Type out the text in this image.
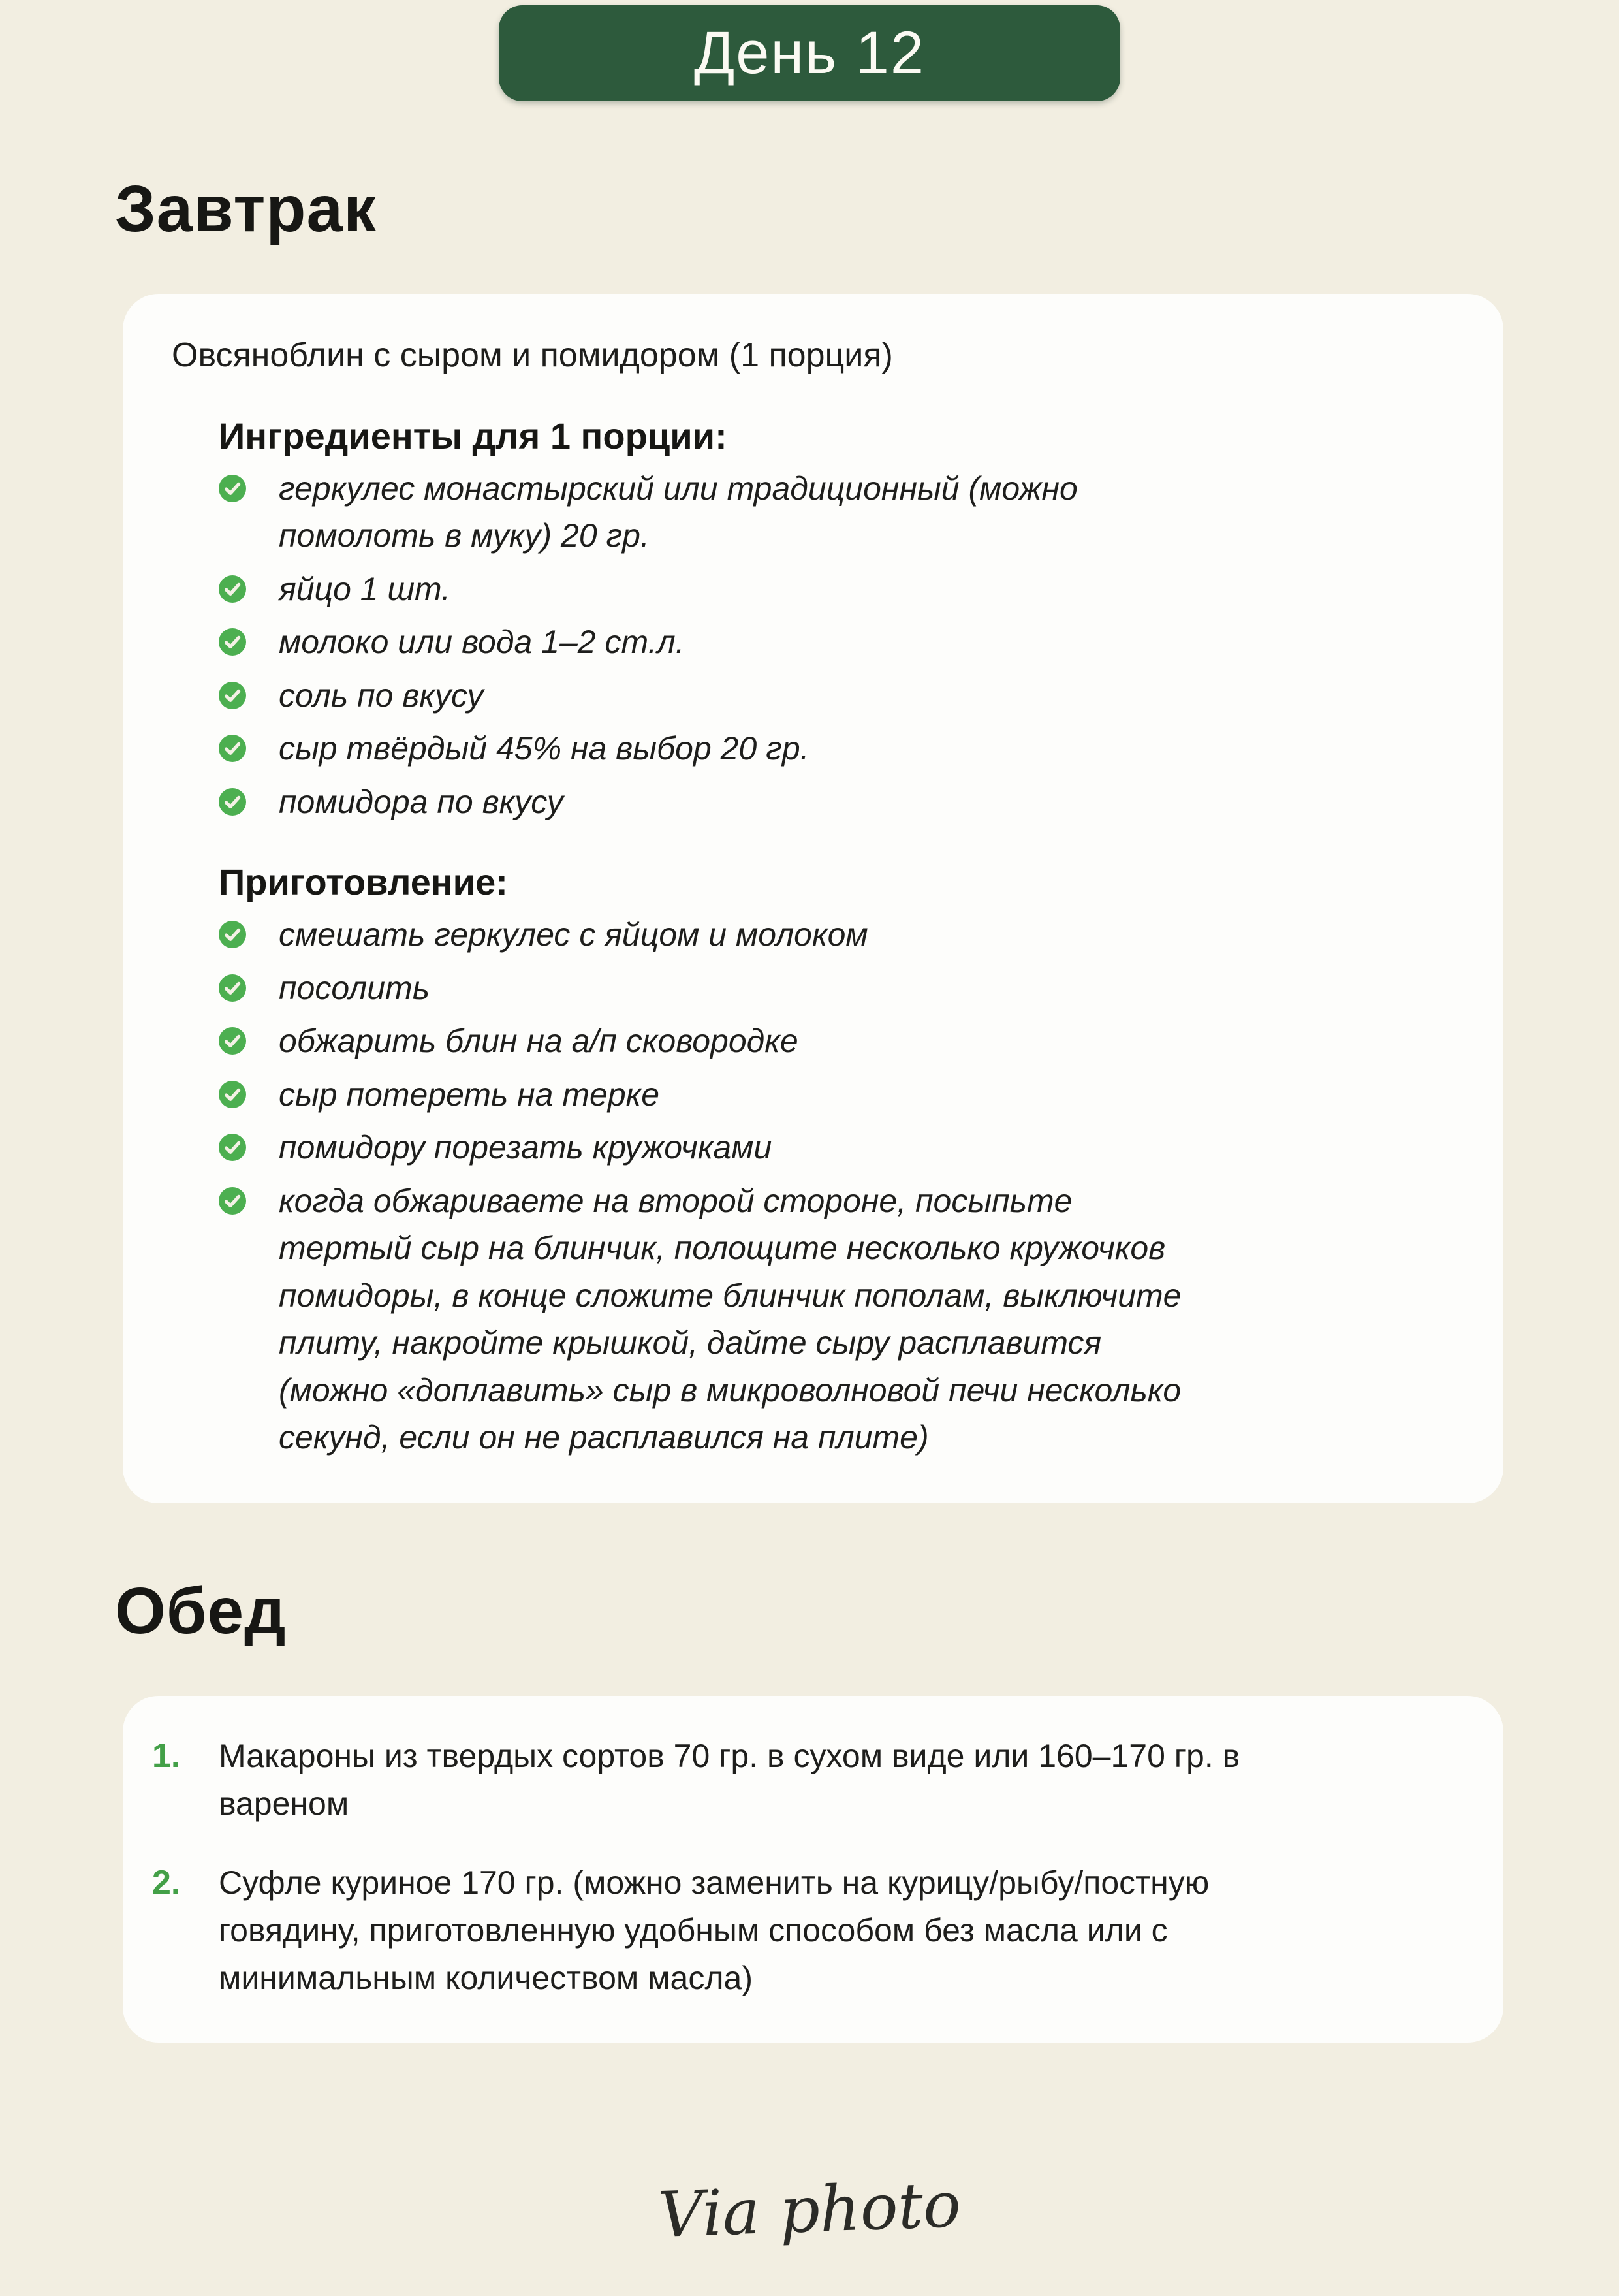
День 12
Завтрак

Овсяноблин с сыром и помидором (1 порция)

Ингредиенты для 1 порции:
геркулес монастырский или традиционный (можно помолоть в муку) 20 гр.
яйцо 1 шт.
молоко или вода 1–2 ст.л.
соль по вкусу
сыр твёрдый 45% на выбор 20 гр.
помидора по вкусу
Приготовление:
смешать геркулес с яйцом и молоком
посолить
обжарить блин на а/п сковородке
сыр потереть на терке
помидору порезать кружочками
когда обжариваете на второй стороне, посыпьте тертый сыр на блинчик, полощите несколько кружочков помидоры, в конце сложите блинчик пополам, выключите плиту, накройте крышкой, дайте сыру расплавится (можно «доплавить» сыр в микроволновой печи несколько секунд, если он не расплавился на плите)
Обед
1.	Макароны из твердых сортов 70 гр. в сухом виде или 160–170 гр. в вареном
2.	Суфле куриное 170 гр. (можно заменить на курицу/рыбу/постную говядину, приготовленную удобным способом без масла или с минимальным количеством масла)
Via photo
